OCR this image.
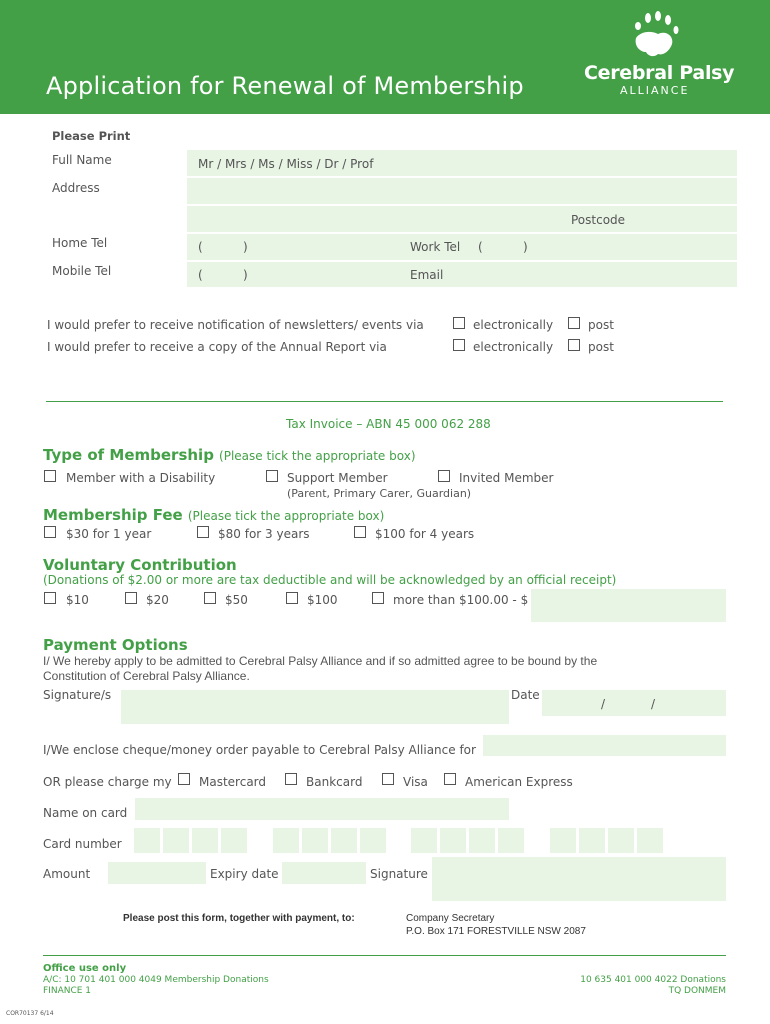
Application for Renewal of Membership	Cerebral Palsy
ALLIANCE
Please Print
Full Name	Mr / Mrs / Ms / Miss / Dr / Prof
Address
Postcode
Home Tel	(	)	Work Tel (	)
Mobile Tel	(	)	Email
I would prefer to receive notification of newsletters/ events via	electronically	post
I would prefer to receive a copy of the Annual Report via	electronically	post
Tax Invoice – ABN 45 000 062 288
Type of Membership (Please tick the appropriate box)
Member with a Disability	Support Member
(Parent, Primary Carer, Guardian)
Invited Member
Membership Fee (Please tick the appropriate box)
$30 for 1 year	$80 for 3 years	$100 for 4 years
Voluntary Contribution
(Donations of $2.00 or more are tax deductible and will be acknowledged by an official receipt)
$10	$20	$50	$100	more than $100.00 - $
Payment Options
I/ We hereby apply to be admitted to Cerebral Palsy Alliance and if so admitted agree to be bound by the
Constitution of Cerebral Palsy Alliance.
Signature/s	Date
/	/
I/We enclose cheque/money order payable to Cerebral Palsy Alliance for
OR please charge my Mastercard	Bankcard	Visa	American Express
Name on card
Card number
Amount	Expiry date	Signature
Please post this form, together with payment, to:	Company Secretary
P.O. Box 171 FORESTVILLE NSW 2087
Office use only
A/C: 10 701 401 000 4049 Membership Donations
FINANCE 1
10 635 401 000 4022 Donations
TQ DONMEM
COR70137 6/14
